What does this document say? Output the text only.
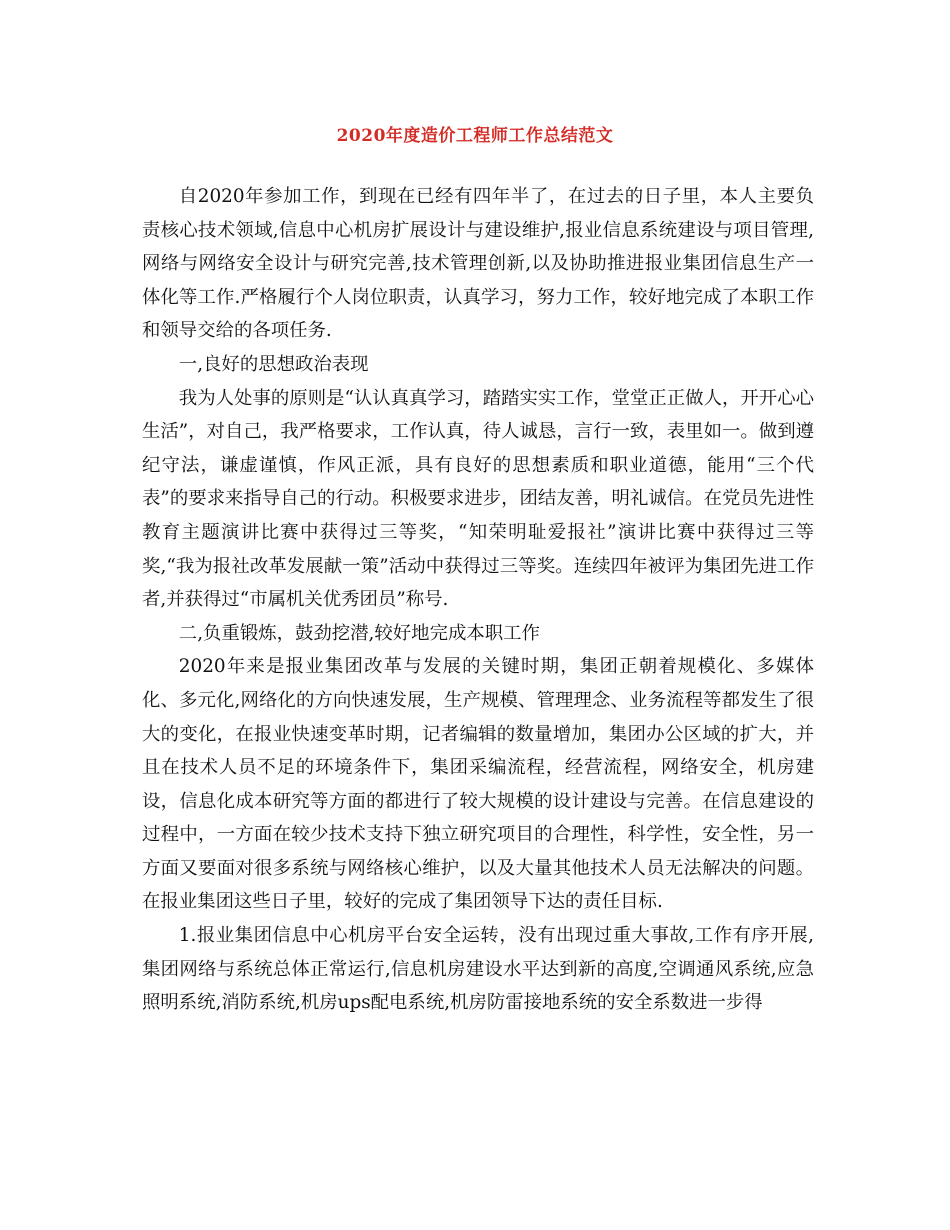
2020年度造价工程师工作总结范文

自2020年参加工作，到现在已经有四年半了，在过去的日子里，本人主要负责核心技术领域,信息中心机房扩展设计与建设维护,报业信息系统建设与项目管理,网络与网络安全设计与研究完善,技术管理创新,以及协助推进报业集团信息生产一体化等工作.严格履行个人岗位职责，认真学习，努力工作，较好地完成了本职工作和领导交给的各项任务.

一,良好的思想政治表现

我为人处事的原则是“认认真真学习，踏踏实实工作，堂堂正正做人，开开心心生活”，对自己，我严格要求，工作认真，待人诚恳，言行一致，表里如一。做到遵纪守法，谦虚谨慎，作风正派，具有良好的思想素质和职业道德，能用“三个代表”的要求来指导自己的行动。积极要求进步，团结友善，明礼诚信。在党员先进性教育主题演讲比赛中获得过三等奖，“知荣明耻爱报社”演讲比赛中获得过三等奖,“我为报社改革发展献一策”活动中获得过三等奖。连续四年被评为集团先进工作者,并获得过“市属机关优秀团员”称号.

二,负重锻炼，鼓劲挖潜,较好地完成本职工作

2020年来是报业集团改革与发展的关键时期，集团正朝着规模化、多媒体化、多元化,网络化的方向快速发展，生产规模、管理理念、业务流程等都发生了很大的变化，在报业快速变革时期，记者编辑的数量增加，集团办公区域的扩大，并且在技术人员不足的环境条件下，集团采编流程，经营流程，网络安全，机房建设，信息化成本研究等方面的都进行了较大规模的设计建设与完善。在信息建设的过程中，一方面在较少技术支持下独立研究项目的合理性，科学性，安全性，另一方面又要面对很多系统与网络核心维护，以及大量其他技术人员无法解决的问题。在报业集团这些日子里，较好的完成了集团领导下达的责任目标.

1.报业集团信息中心机房平台安全运转，没有出现过重大事故,工作有序开展,集团网络与系统总体正常运行,信息机房建设水平达到新的高度,空调通风系统,应急照明系统,消防系统,机房ups配电系统,机房防雷接地系统的安全系数进一步得
